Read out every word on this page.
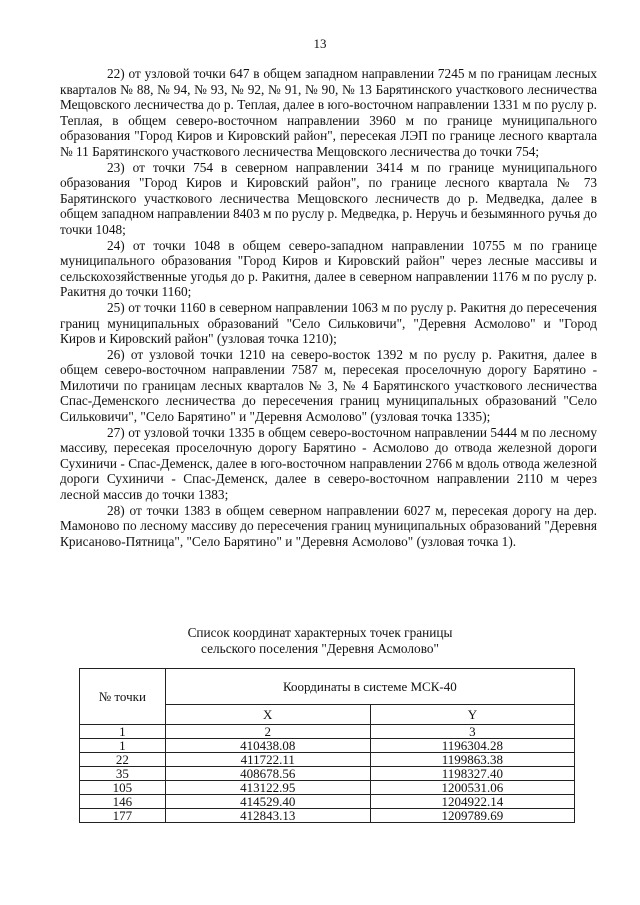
13

22) от узловой точки 647 в общем западном направлении 7245 м по границам лесных кварталов № 88, № 94, № 93, № 92, № 91, № 90, № 13 Барятинского участкового лесничества Мещовского лесничества до р. Теплая, далее в юго-восточном направлении 1331 м по руслу р. Теплая, в общем северо-восточном направлении 3960 м по границе муниципального образования "Город Киров и Кировский район", пересекая ЛЭП по границе лесного квартала № 11 Барятинского участкового лесничества Мещовского лесничества до точки 754;

23) от точки 754 в северном направлении 3414 м по границе муниципального образования "Город Киров и Кировский район", по границе лесного квартала № 73 Барятинского участкового лесничества Мещовского лесничеств до р. Медведка, далее в общем западном направлении 8403 м по руслу р. Медведка, р. Неручь и безымянного ручья до точки 1048;

24) от точки 1048 в общем северо-западном направлении 10755 м по границе муниципального образования "Город Киров и Кировский район" через лесные массивы и сельскохозяйственные угодья до р. Ракитня, далее в северном направлении 1176 м по руслу р. Ракитня до точки 1160;

25) от точки 1160 в северном направлении 1063 м по руслу р. Ракитня до пересечения границ муниципальных образований "Село Сильковичи", "Деревня Асмолово" и "Город Киров и Кировский район" (узловая точка 1210);

26) от узловой точки 1210 на северо-восток 1392 м по руслу р. Ракитня, далее в общем северо-восточном направлении 7587 м, пересекая проселочную дорогу Барятино - Милотичи по границам лесных кварталов № 3, № 4 Барятинского участкового лесничества Спас-Деменского лесничества до пересечения границ муниципальных образований "Село Сильковичи", "Село Барятино" и "Деревня Асмолово" (узловая точка 1335);

27) от узловой точки 1335 в общем северо-восточном направлении 5444 м по лесному массиву, пересекая проселочную дорогу Барятино - Асмолово до отвода железной дороги Сухиничи - Спас-Деменск, далее в юго-восточном направлении 2766 м вдоль отвода железной дороги Сухиничи - Спас-Деменск, далее в северо-восточном направлении 2110 м через лесной массив до точки 1383;

28) от точки 1383 в общем северном направлении 6027 м, пересекая дорогу на дер. Мамоново по лесному массиву до пересечения границ муниципальных образований "Деревня Крисаново-Пятница", "Село Барятино" и "Деревня Асмолово" (узловая точка 1).

Список координат характерных точек границы
сельского поселения "Деревня Асмолово"
№ точки	Координаты в системе МСК-40	
	X	Y
1	2	3
1	410438.08	1196304.28
22	411722.11	1199863.38
35	408678.56	1198327.40
105	413122.95	1200531.06
146	414529.40	1204922.14
177	412843.13	1209789.69
